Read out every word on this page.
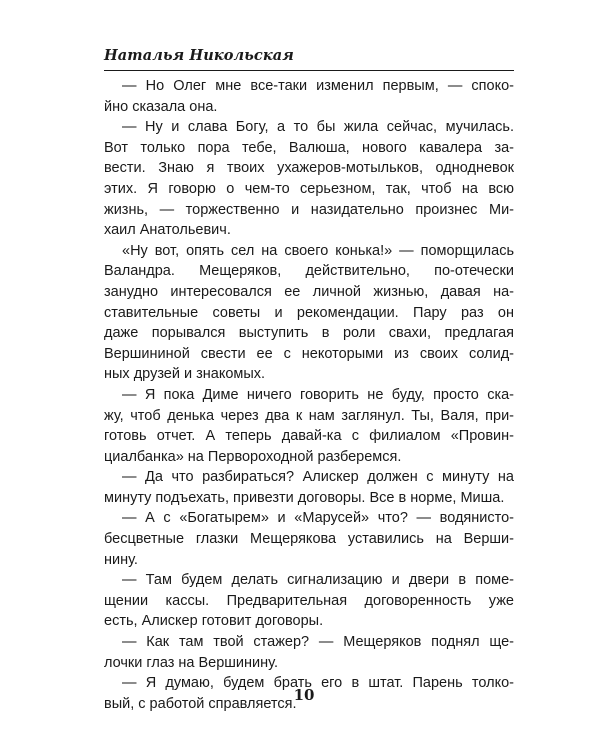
Наталья Никольская
— Но Олег мне все-таки изменил первым, — споко-
йно сказала она.
— Ну и слава Богу, а то бы жила сейчас, мучилась.
Вот только пора тебе, Валюша, нового кавалера за-
вести. Знаю я твоих ухажеров-мотыльков, однодневок
этих. Я говорю о чем-то серьезном, так, чтоб на всю
жизнь, — торжественно и назидательно произнес Ми-
хаил Анатольевич.
«Ну вот, опять сел на своего конька!» — поморщилась
Валандра. Мещеряков, действительно, по-отечески
занудно интересовался ее личной жизнью, давая на-
ставительные советы и рекомендации. Пару раз он
даже порывался выступить в роли свахи, предлагая
Вершининой свести ее с некоторыми из своих солид-
ных друзей и знакомых.
— Я пока Диме ничего говорить не буду, просто ска-
жу, чтоб денька через два к нам заглянул. Ты, Валя, при-
готовь отчет. А теперь давай-ка с филиалом «Провин-
циалбанка» на Первороходной разберемся.
— Да что разбираться? Алискер должен с минуту на
минуту подъехать, привезти договоры. Все в норме, Миша.
— А с «Богатырем» и «Марусей» что? — водянисто-
бесцветные глазки Мещерякова уставились на Верши-
нину.
— Там будем делать сигнализацию и двери в поме-
щении кассы. Предварительная договоренность уже
есть, Алискер готовит договоры.
— Как там твой стажер? — Мещеряков поднял ще-
лочки глаз на Вершинину.
— Я думаю, будем брать его в штат. Парень толко-
вый, с работой справляется.
10
